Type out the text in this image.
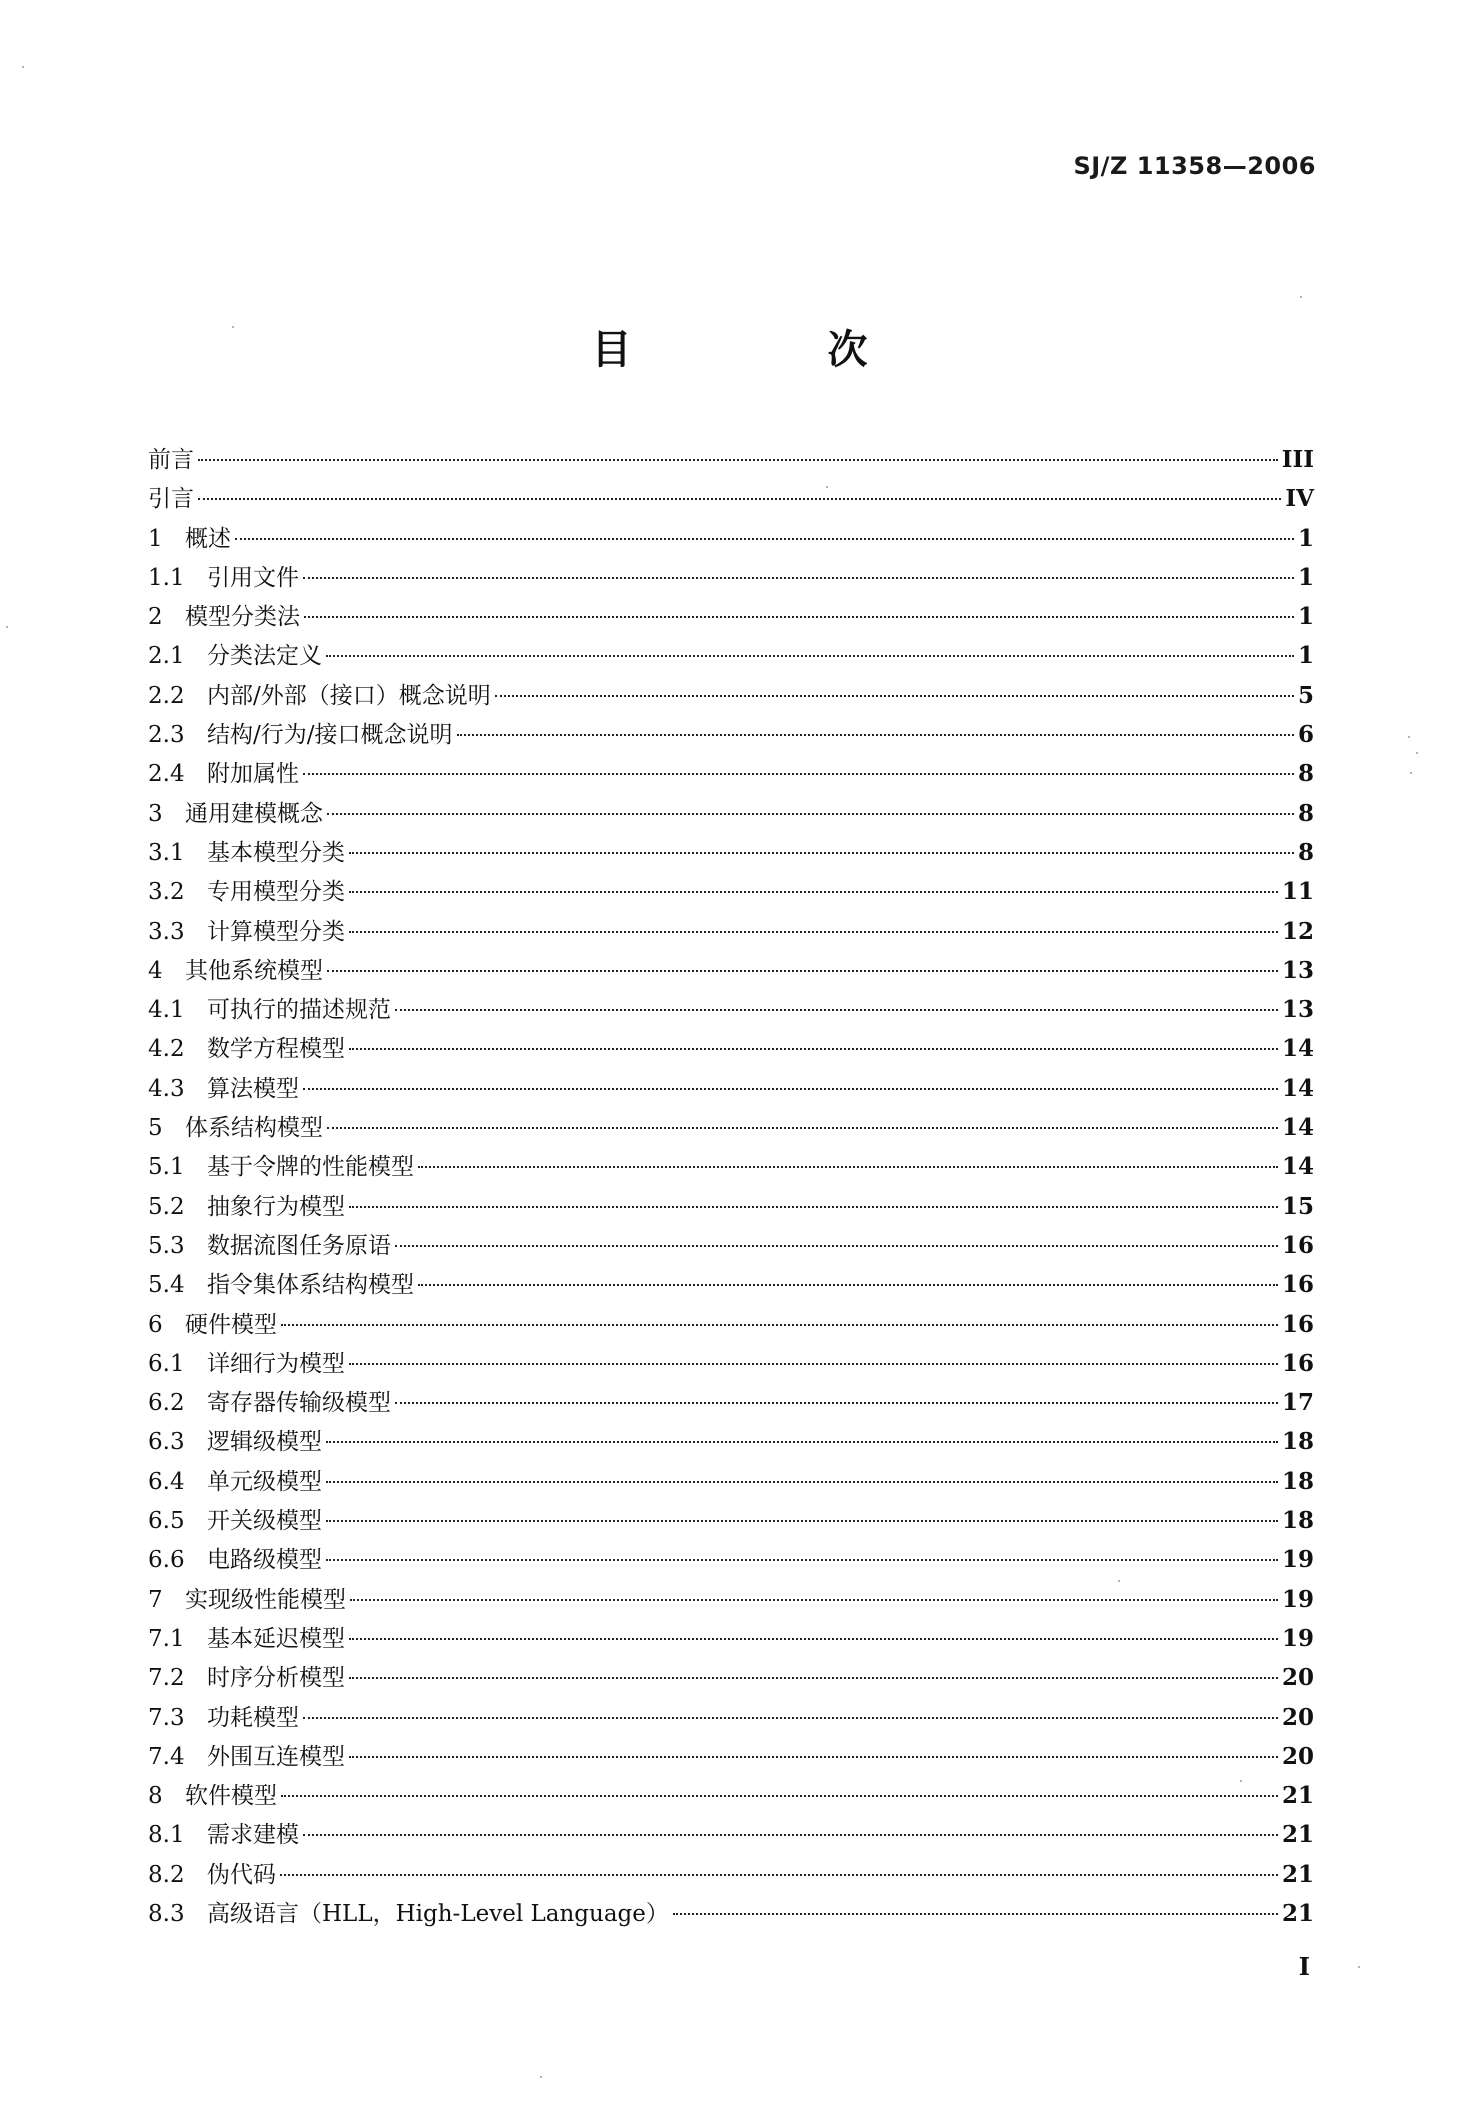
SJ/Z 11358—2006
目　次
前言	III
引言	IV
1 概述	1
1.1 引用文件	1
2 模型分类法	1
2.1 分类法定义	1
2.2 内部/外部（接口）概念说明	5
2.3 结构/行为/接口概念说明	6
2.4 附加属性	8
3 通用建模概念	8
3.1 基本模型分类	8
3.2 专用模型分类	11
3.3 计算模型分类	12
4 其他系统模型	13
4.1 可执行的描述规范	13
4.2 数学方程模型	14
4.3 算法模型	14
5 体系结构模型	14
5.1 基于令牌的性能模型	14
5.2 抽象行为模型	15
5.3 数据流图任务原语	16
5.4 指令集体系结构模型	16
6 硬件模型	16
6.1 详细行为模型	16
6.2 寄存器传输级模型	17
6.3 逻辑级模型	18
6.4 单元级模型	18
6.5 开关级模型	18
6.6 电路级模型	19
7 实现级性能模型	19
7.1 基本延迟模型	19
7.2 时序分析模型	20
7.3 功耗模型	20
7.4 外围互连模型	20
8 软件模型	21
8.1 需求建模	21
8.2 伪代码	21
8.3 高级语言（HLL，High-Level Language）	21
I
